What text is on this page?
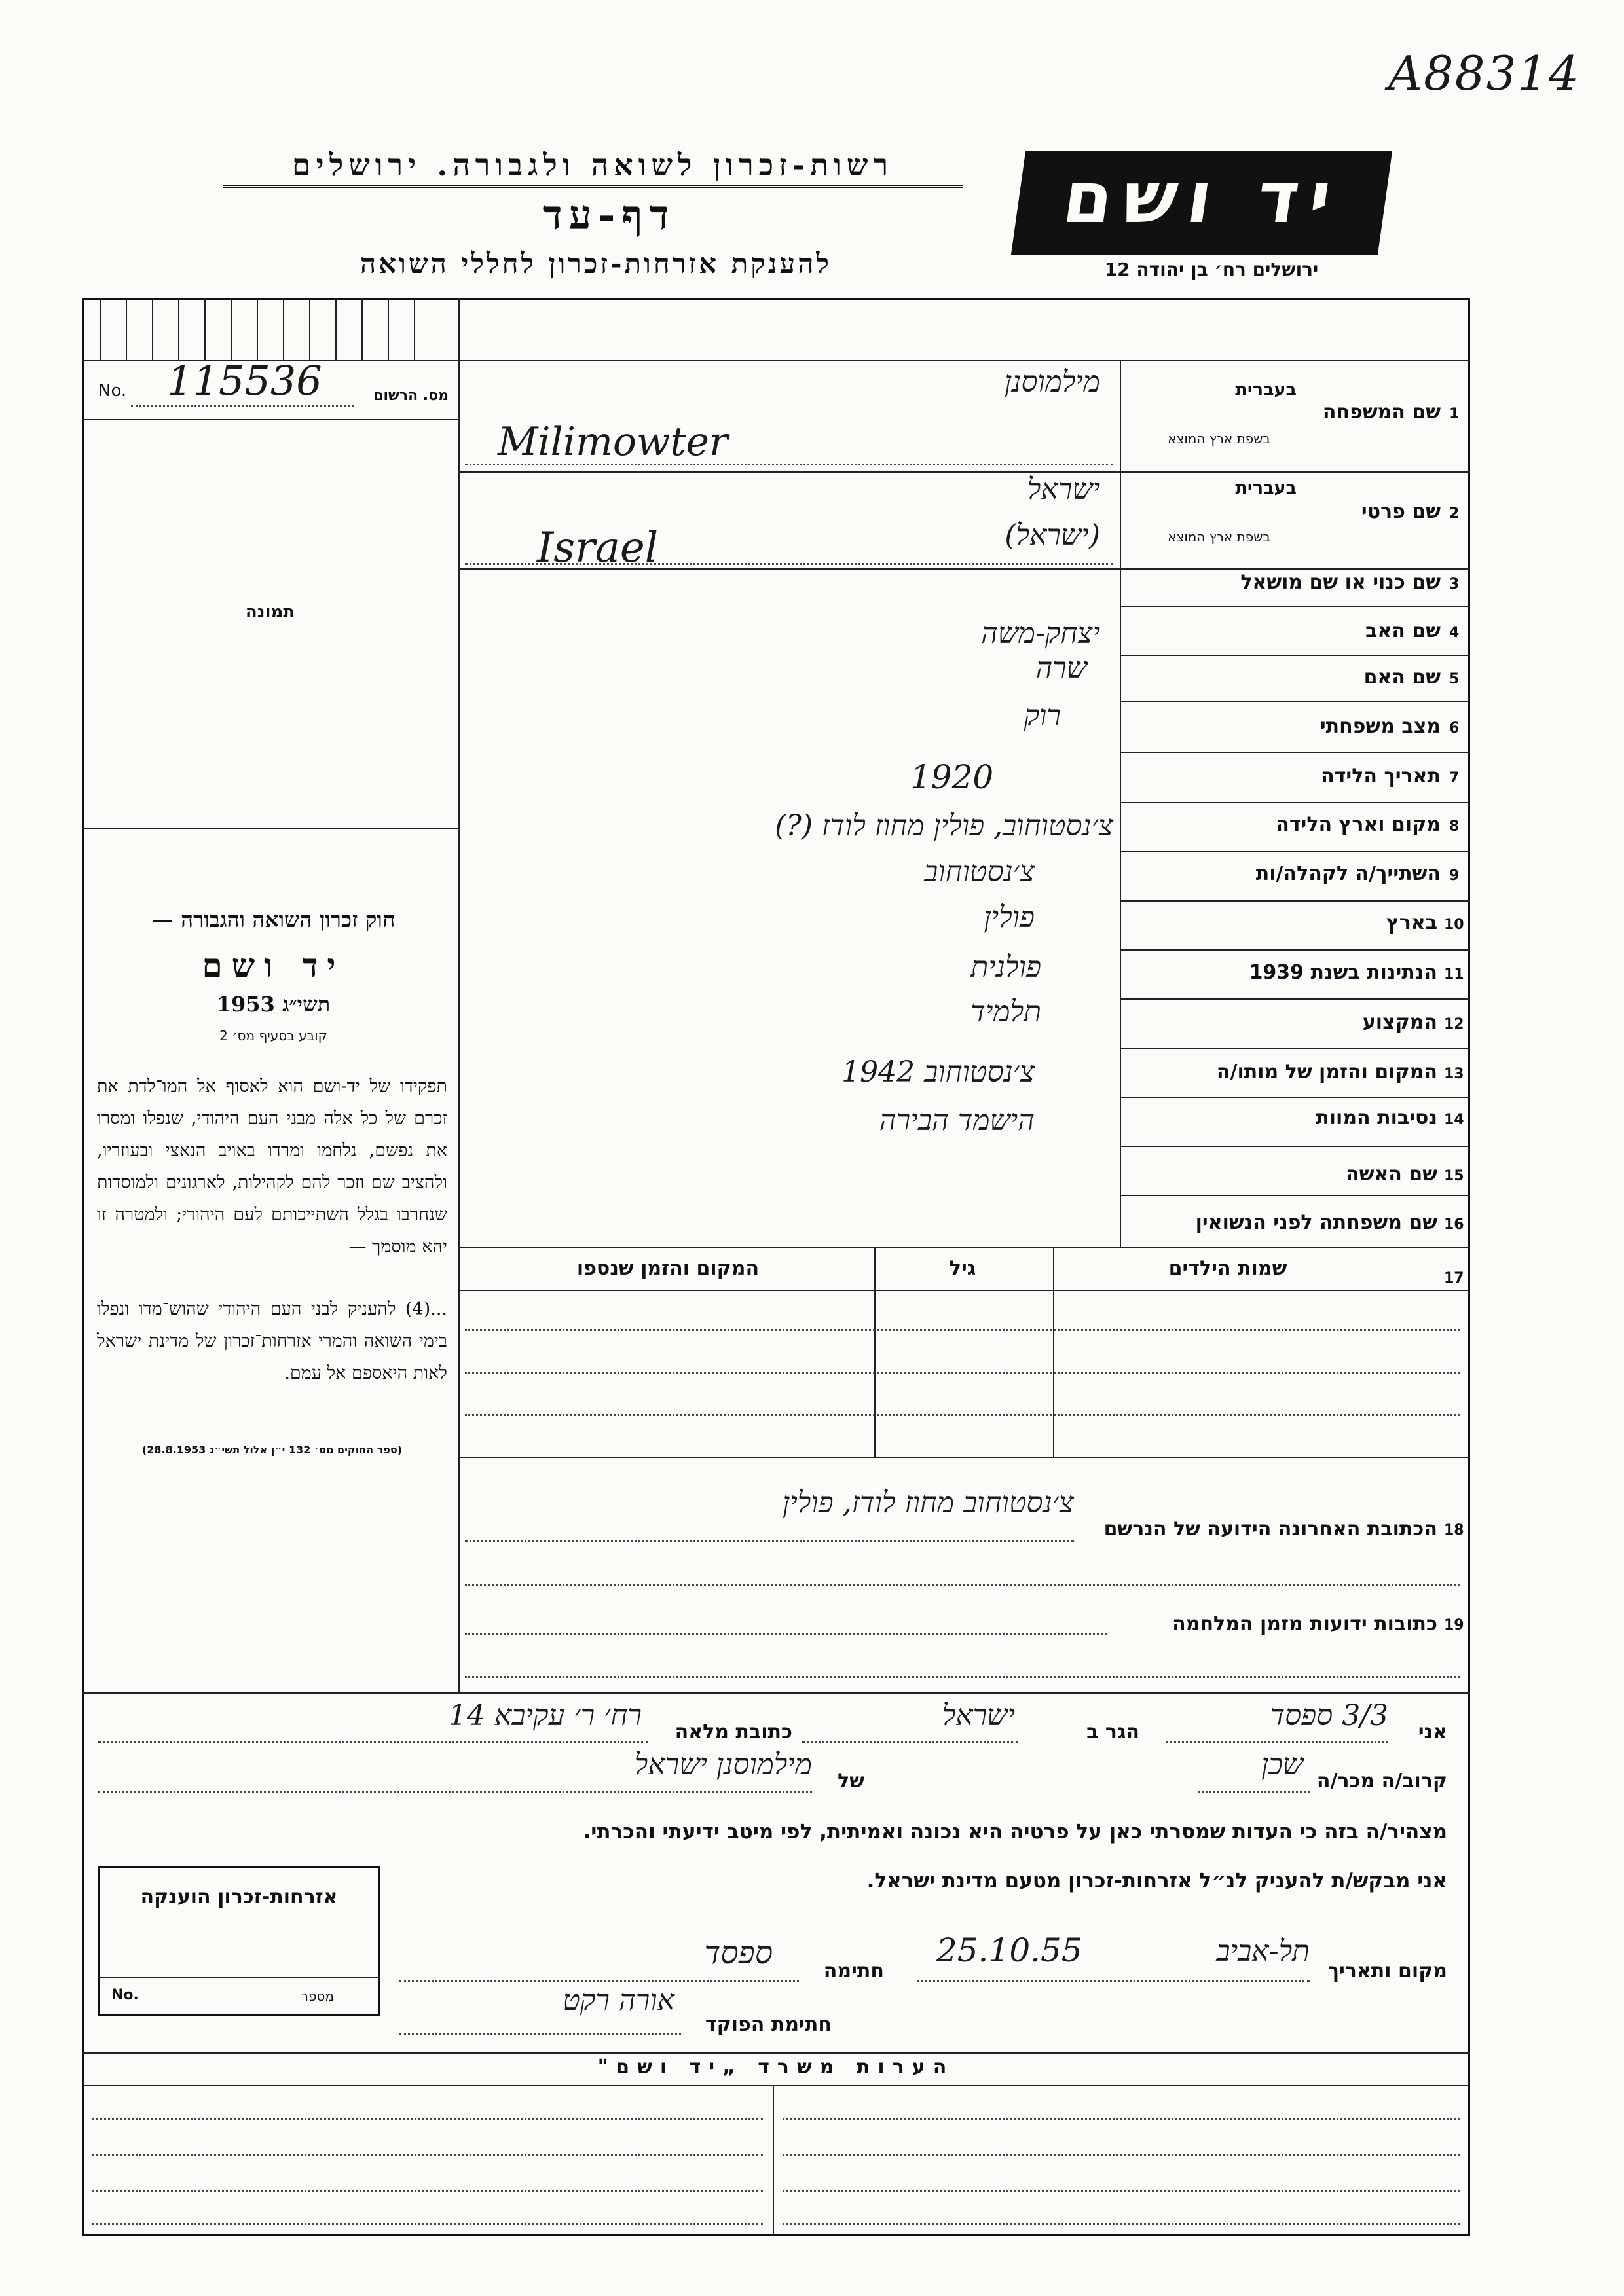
A88314
רשות-זכרון לשואה ולגבורה. ירושלים
דף-עד
להענקת אזרחות-זכרון לחללי השואה
יד ושם
ירושלים רח׳ בן יהודה 12
No. 115536	מס. הרשום
תמונה
חוק זכרון השואה והגבורה —
יד ושם
תשי״ג 1953
קובע בסעיף מס׳ 2
תפקידו של יד-ושם הוא לאסוף אל המו־לדת את זכרם של כל אלה מבני העם היהודי, שנפלו ומסרו את נפשם, נלחמו ומרדו באויב הנאצי ובעוזריו, ולהציב שם וזכר להם לקהילות, לארגונים ולמוסדות שנחרבו בגלל השתייכותם לעם היהודי; ולמטרה זו יהא מוסמך —
...(4) להעניק לבני העם היהודי שהוש־מדו ונפלו בימי השואה והמרי אזרחות־זכרון של מדינת ישראל לאות היאספם אל עמם.
(ספר החוקים מס׳ 132 י״ן אלול תשי״ג 28.8.1953)
1
שם המשפחה
בעברית
בשפת ארץ המוצא
מילמוסנן
Milimowter
2
שם פרטי
בעברית
בשפת ארץ המוצא
ישראל
(ישראל)
Israel
3
שם כנוי או שם מושאל
4
שם האב
יצחק-משה
5
שם האם
שרה
6
מצב משפחתי
רוק
7
תאריך הלידה
1920
8
מקום וארץ הלידה
צ׳נסטוחוב, פולין מחוז לודז (?)
9
השתייך/ה לקהלה/ות
צ׳נסטוחוב
10
בארץ
פולין
11
הנתינות בשנת 1939
פולנית
12
המקצוע
תלמיד
13
המקום והזמן של מותו/ה
צ׳נסטוחוב 1942
14
נסיבות המוות
הישמד הבירה
15
שם האשה
16
שם משפחתה לפני הנשואין
17
שמות הילדים
גיל
המקום והזמן שנספו
18
הכתובת האחרונה הידועה של הנרשם
צ׳נסטוחוב מחוז לודז, פולין
19
כתובות ידועות מזמן המלחמה
אני
3/3 ספסד
הגר ב
ישראל
כתובת מלאה
רח׳ ר׳ עקיבא 14
קרוב/ה מכר/ה
שכן
של
מילמוסנן ישראל
מצהיר/ה בזה כי העדות שמסרתי כאן על פרטיה היא נכונה ואמיתית, לפי מיטב ידיעתי והכרתי.
אני מבקש/ת להעניק לנ״ל אזרחות-זכרון מטעם מדינת ישראל.
מקום ותאריך
תל-אביב
25.10.55
חתימה
ספסד
חתימת הפוקד
אורה רקט
אזרחות-זכרון הוענקה
No.	מספר
הערות משרד „יד ושם"
